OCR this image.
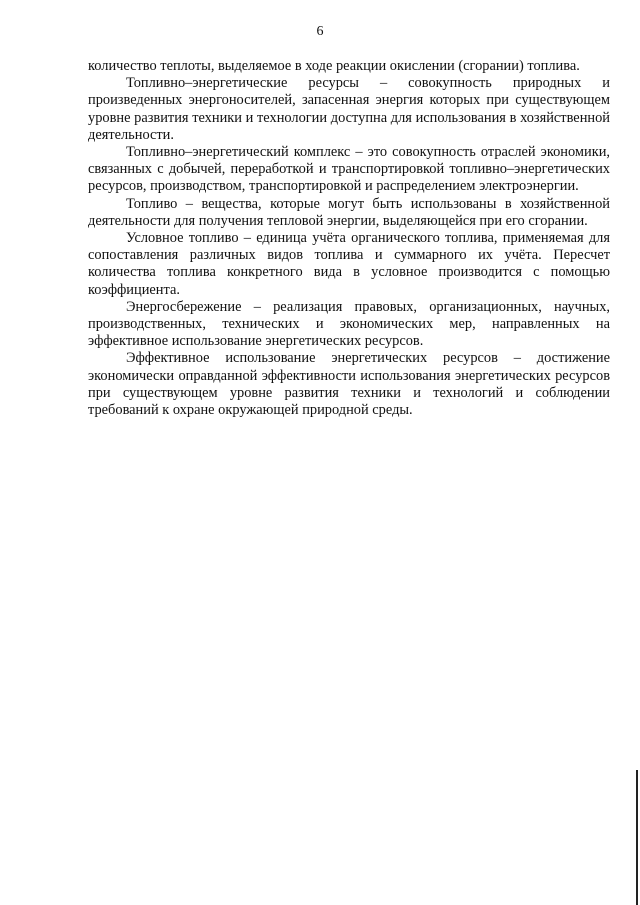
6

количество теплоты, выделяемое в ходе реакции окислении (сгорании) топлива.

Топливно–энергетические ресурсы – совокупность природных и произведенных энергоносителей, запасенная энергия которых при существующем уровне развития техники и технологии доступна для использования в хозяйственной деятельности.

Топливно–энергетический комплекс – это совокупность отраслей экономики, связанных с добычей, переработкой и транспортировкой топливно–энергетических ресурсов, производством, транспортировкой и распределением электроэнергии.

Топливо – вещества, которые могут быть использованы в хозяйственной деятельности для получения тепловой энергии, выделяющейся при его сгорании.

Условное топливо – единица учёта органического топлива, применяемая для сопоставления различных видов топлива и суммарного их учёта. Пересчет количества топлива конкретного вида в условное производится с помощью коэффициента.

Энергосбережение – реализация правовых, организационных, научных, производственных, технических и экономических мер, направленных на эффективное использование энергетических ресурсов.

Эффективное использование энергетических ресурсов – достижение экономически оправданной эффективности использования энергетических ресурсов при существующем уровне развития техники и технологий и соблюдении требований к охране окружающей природной среды.
